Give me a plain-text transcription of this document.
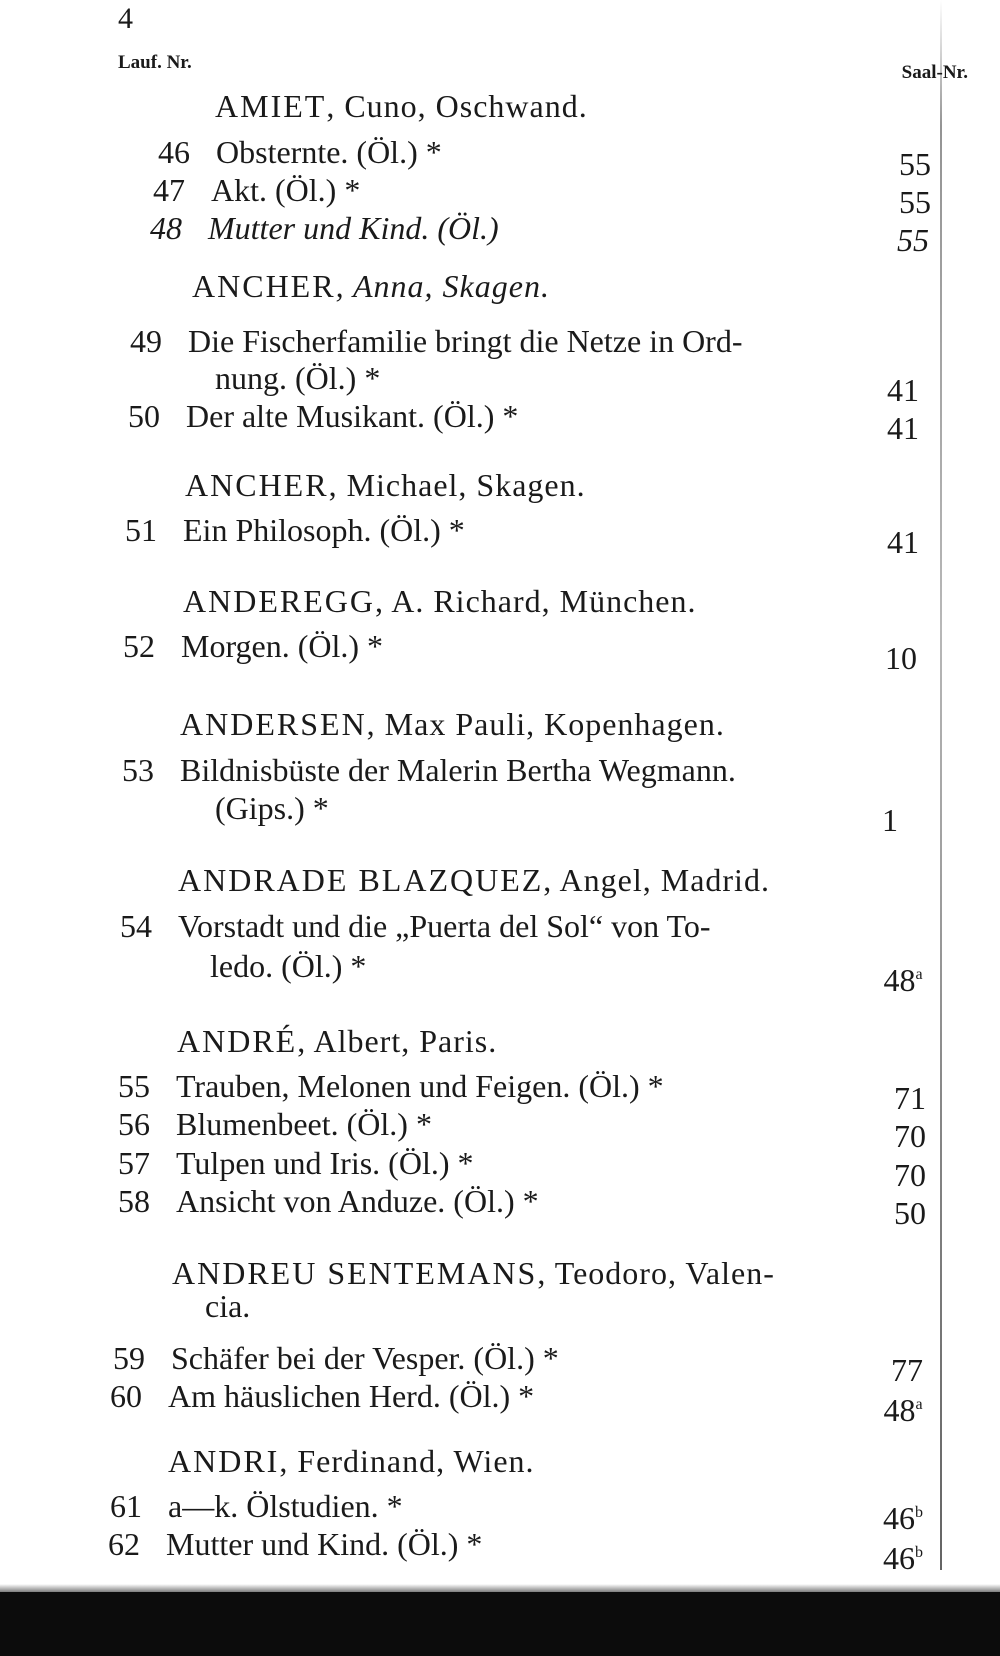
4
Lauf. Nr.	Saal-Nr.
AMIET, Cuno, Oschwand.
46 Obsternte. (Öl.) *	55
47 Akt. (Öl.) *	55
48 Mutter und Kind. (Öl.)	55
ANCHER, Anna, Skagen.
49 Die Fischerfamilie bringt die Netze in Ord-
nung. (Öl.) *	41
50 Der alte Musikant. (Öl.) *	41
ANCHER, Michael, Skagen.
51 Ein Philosoph. (Öl.) *	41
ANDEREGG, A. Richard, München.
52 Morgen. (Öl.) *	10
ANDERSEN, Max Pauli, Kopenhagen.
53 Bildnisbüste der Malerin Bertha Wegmann.
(Gips.) *	1
ANDRADE BLAZQUEZ, Angel, Madrid.
54 Vorstadt und die „Puerta del Sol“ von To-
ledo. (Öl.) *	48$^a$
ANDRÉ, Albert, Paris.
55 Trauben, Melonen und Feigen. (Öl.) *	71
56 Blumenbeet. (Öl.) *	70
57 Tulpen und Iris. (Öl.) *	70
58 Ansicht von Anduze. (Öl.) *	50
ANDREU SENTEMANS, Teodoro, Valen-
cia.
59 Schäfer bei der Vesper. (Öl.) *	77
60 Am häuslichen Herd. (Öl.) *	48$^a$
ANDRI, Ferdinand, Wien.
61 a—k. Ölstudien. *	46$^b$
62 Mutter und Kind. (Öl.) *	46$^b$
